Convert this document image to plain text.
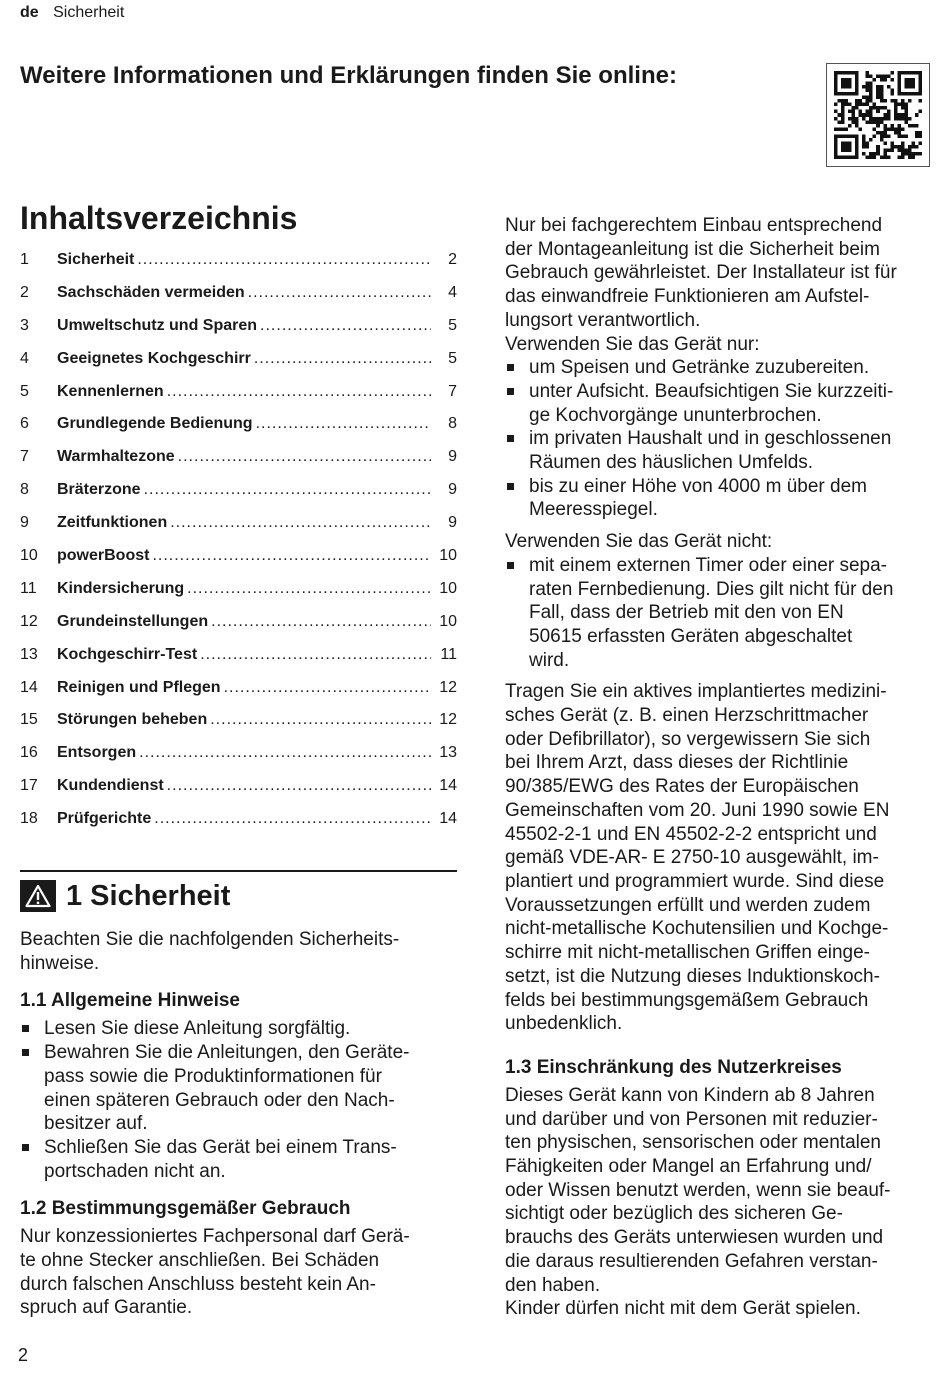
de Sicherheit
Weitere Informationen und Erklärungen finden Sie online:
Inhaltsverzeichnis
1	Sicherheit .....	2
2	Sachschäden vermeiden .....	4
3	Umweltschutz und Sparen .....	5
4	Geeignetes Kochgeschirr .....	5
5	Kennenlernen .....	7
6	Grundlegende Bedienung .....	8
7	Warmhaltezone .....	9
8	Bräterzone .....	9
9	Zeitfunktionen .....	9
10	powerBoost .....	10
11	Kindersicherung .....	10
12	Grundeinstellungen .....	10
13	Kochgeschirr-Test .....	11
14	Reinigen und Pflegen .....	12
15	Störungen beheben .....	12
16	Entsorgen .....	13
17	Kundendienst .....	14
18	Prüfgerichte .....	14
1 Sicherheit

Beachten Sie die nachfolgenden Sicherheits-
hinweise.

1.1 Allgemeine Hinweise
Lesen Sie diese Anleitung sorgfältig.
Bewahren Sie die Anleitungen, den Geräte-
pass sowie die Produktinformationen für
einen späteren Gebrauch oder den Nach-
besitzer auf.
Schließen Sie das Gerät bei einem Trans-
portschaden nicht an.
1.2 Bestimmungsgemäßer Gebrauch

Nur konzessioniertes Fachpersonal darf Gerä-
te ohne Stecker anschließen. Bei Schäden
durch falschen Anschluss besteht kein An-
spruch auf Garantie.

Nur bei fachgerechtem Einbau entsprechend
der Montageanleitung ist die Sicherheit beim
Gebrauch gewährleistet. Der Installateur ist für
das einwandfreie Funktionieren am Aufstel-
lungsort verantwortlich.

Verwenden Sie das Gerät nur:

um Speisen und Getränke zuzubereiten.
unter Aufsicht. Beaufsichtigen Sie kurzzeiti-
ge Kochvorgänge ununterbrochen.
im privaten Haushalt und in geschlossenen
Räumen des häuslichen Umfelds.
bis zu einer Höhe von 4000 m über dem
Meeresspiegel.

Verwenden Sie das Gerät nicht:

mit einem externen Timer oder einer sepa-
raten Fernbedienung. Dies gilt nicht für den
Fall, dass der Betrieb mit den von EN
50615 erfassten Geräten abgeschaltet
wird.

Tragen Sie ein aktives implantiertes medizini-
sches Gerät (z. B. einen Herzschrittmacher
oder Defibrillator), so vergewissern Sie sich
bei Ihrem Arzt, dass dieses der Richtlinie
90/385/EWG des Rates der Europäischen
Gemeinschaften vom 20. Juni 1990 sowie EN
45502-2-1 und EN 45502-2-2 entspricht und
gemäß VDE-AR- E 2750-10 ausgewählt, im-
plantiert und programmiert wurde. Sind diese
Voraussetzungen erfüllt und werden zudem
nicht-metallische Kochutensilien und Kochge-
schirre mit nicht-metallischen Griffen einge-
setzt, ist die Nutzung dieses Induktionskoch-
felds bei bestimmungsgemäßem Gebrauch
unbedenklich.

1.3 Einschränkung des Nutzerkreises

Dieses Gerät kann von Kindern ab 8 Jahren
und darüber und von Personen mit reduzier-
ten physischen, sensorischen oder mentalen
Fähigkeiten oder Mangel an Erfahrung und/
oder Wissen benutzt werden, wenn sie beauf-
sichtigt oder bezüglich des sicheren Ge-
brauchs des Geräts unterwiesen wurden und
die daraus resultierenden Gefahren verstan-
den haben.

Kinder dürfen nicht mit dem Gerät spielen.

2
